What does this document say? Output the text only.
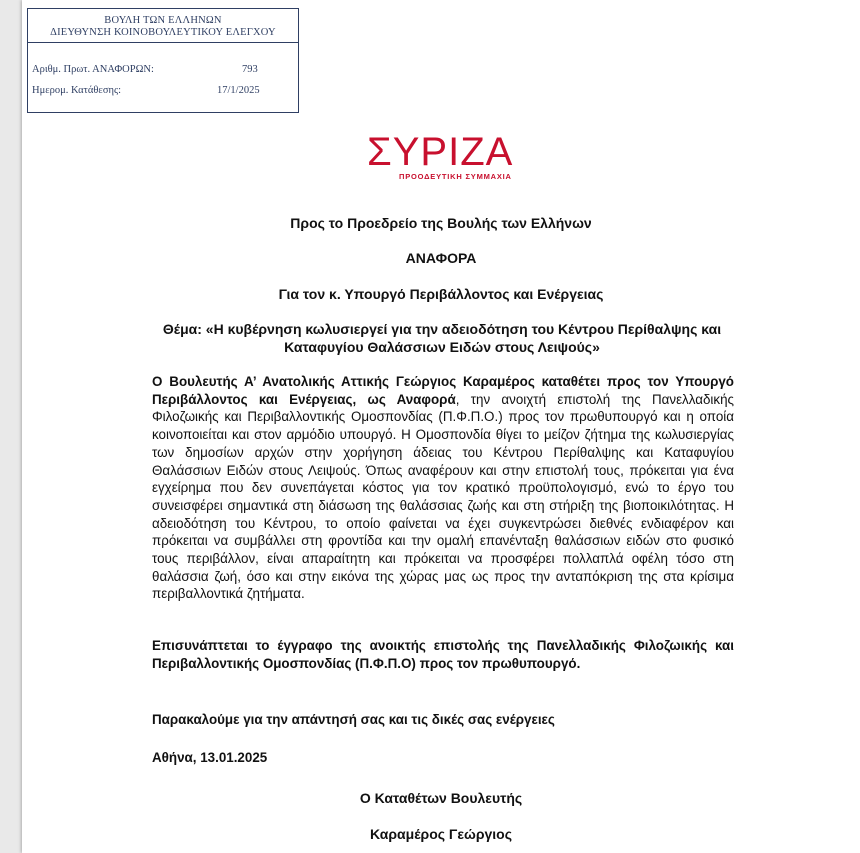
ΒΟΥΛΗ ΤΩΝ ΕΛΛΗΝΩΝ
ΔΙΕΥΘΥΝΣΗ ΚΟΙΝΟΒΟΥΛΕΥΤΙΚΟΥ ΕΛΕΓΧΟΥ
Αριθμ. Πρωτ. ΑΝΑΦΟΡΩΝ:	793
Ημερομ. Κατάθεσης:	17/1/2025
ΣΥΡΙΖΑ
ΠΡΟΟΔΕΥΤΙΚΗ ΣΥΜΜΑΧΙΑ
Προς το Προεδρείο της Βουλής των Ελλήνων
ΑΝΑΦΟΡΑ
Για τον κ. Υπουργό Περιβάλλοντος και Ενέργειας
Θέμα: «Η κυβέρνηση κωλυσιεργεί για την αδειοδότηση του Κέντρου Περίθαλψης και Καταφυγίου Θαλάσσιων Ειδών στους Λειψούς»
Ο Βουλευτής Α’ Ανατολικής Αττικής Γεώργιος Καραμέρος καταθέτει προς τον Υπουργό Περιβάλλοντος και Ενέργειας, ως Αναφορά, την ανοιχτή επιστολή της Πανελλαδικής Φιλοζωικής και Περιβαλλοντικής Ομοσπονδίας (Π.Φ.Π.Ο.) προς τον πρωθυπουργό και η οποία κοινοποιείται και στον αρμόδιο υπουργό. Η Ομοσπονδία θίγει το μείζον ζήτημα της κωλυσιεργίας των δημοσίων αρχών στην χορήγηση άδειας του Κέντρου Περίθαλψης και Καταφυγίου Θαλάσσιων Ειδών στους Λειψούς. Όπως αναφέρουν και στην επιστολή τους, πρόκειται για ένα εγχείρημα που δεν συνεπάγεται κόστος για τον κρατικό προϋπολογισμό, ενώ το έργο του συνεισφέρει σημαντικά στη διάσωση της θαλάσσιας ζωής και στη στήριξη της βιοποικιλότητας. Η αδειοδότηση του Κέντρου, το οποίο φαίνεται να έχει συγκεντρώσει διεθνές ενδιαφέρον και πρόκειται να συμβάλλει στη φροντίδα και την ομαλή επανένταξη θαλάσσιων ειδών στο φυσικό τους περιβάλλον, είναι απαραίτητη και πρόκειται να προσφέρει πολλαπλά οφέλη τόσο στη θαλάσσια ζωή, όσο και στην εικόνα της χώρας μας ως προς την ανταπόκριση της στα κρίσιμα περιβαλλοντικά ζητήματα.
Επισυνάπτεται το έγγραφο της ανοικτής επιστολής της Πανελλαδικής Φιλοζωικής και Περιβαλλοντικής Ομοσπονδίας (Π.Φ.Π.Ο) προς τον πρωθυπουργό.
Παρακαλούμε για την απάντησή σας και τις δικές σας ενέργειες
Αθήνα, 13.01.2025
Ο Καταθέτων Βουλευτής
Καραμέρος Γεώργιος
